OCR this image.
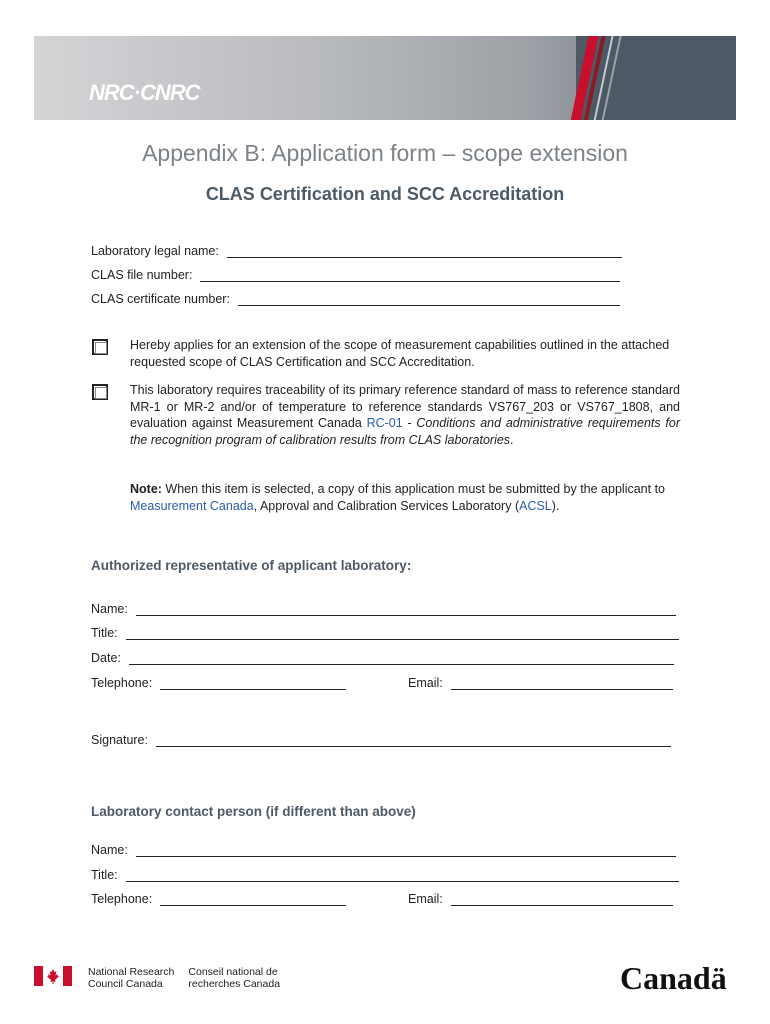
NRC·CNRC
Appendix B: Application form – scope extension
CLAS Certification and SCC Accreditation
Laboratory legal name:
CLAS file number:
CLAS certificate number:
Hereby applies for an extension of the scope of measurement capabilities outlined in the attached requested scope of CLAS Certification and SCC Accreditation.
This laboratory requires traceability of its primary reference standard of mass to reference standard MR-1 or MR-2 and/or of temperature to reference standards VS767_203 or VS767_1808, and evaluation against Measurement Canada RC-01 - Conditions and administrative requirements for the recognition program of calibration results from CLAS laboratories.
Note: When this item is selected, a copy of this application must be submitted by the applicant to Measurement Canada, Approval and Calibration Services Laboratory (ACSL).
Authorized representative of applicant laboratory:
Name:
Title:
Date:
Telephone:	Email:
Signature:
Laboratory contact person (if different than above)
Name:
Title:
Telephone:	Email:
National Research
Council Canada
Conseil national de
recherches Canada	Canadä
